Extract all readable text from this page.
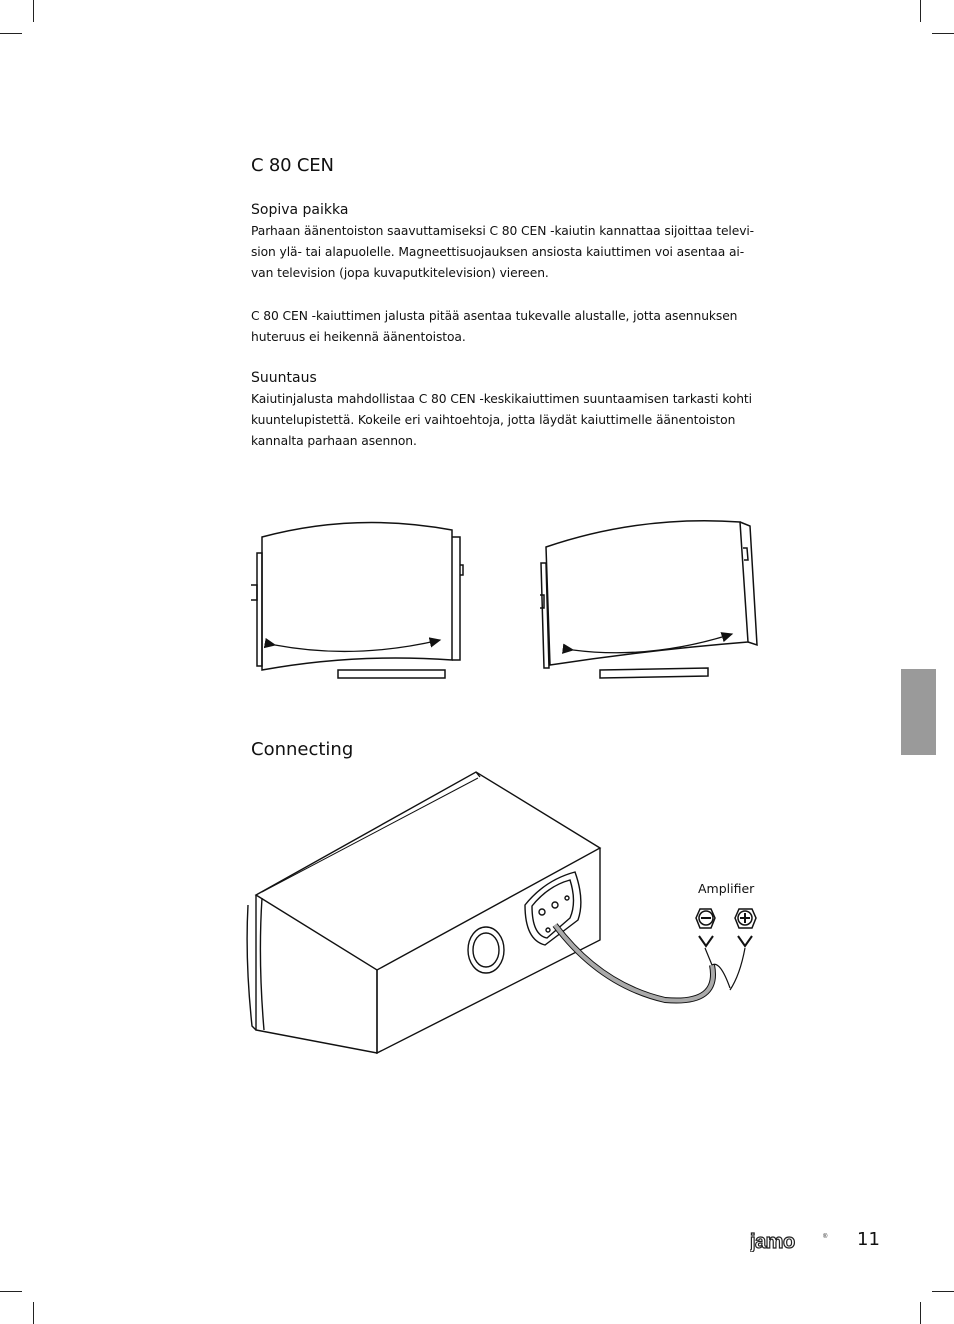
C 80 CEN
Sopiva paikka
Parhaan äänentoiston saavuttamiseksi C 80 CEN -kaiutin kannattaa sijoittaa televi-
sion ylä- tai alapuolelle. Magneettisuojauksen ansiosta kaiuttimen voi asentaa ai-
van television (jopa kuvaputkitelevision) viereen.
C 80 CEN -kaiuttimen jalusta pitää asentaa tukevalle alustalle, jotta asennuksen
huteruus ei heikennä äänentoistoa.
Suuntaus
Kaiutinjalusta mahdollistaa C 80 CEN -keskikaiuttimen suuntaamisen tarkasti kohti
kuuntelupistettä. Kokeile eri vaihtoehtoja, jotta läydät kaiuttimelle äänentoiston
kannalta parhaan asennon.
Connecting
Amplifier
jamo	® 11
